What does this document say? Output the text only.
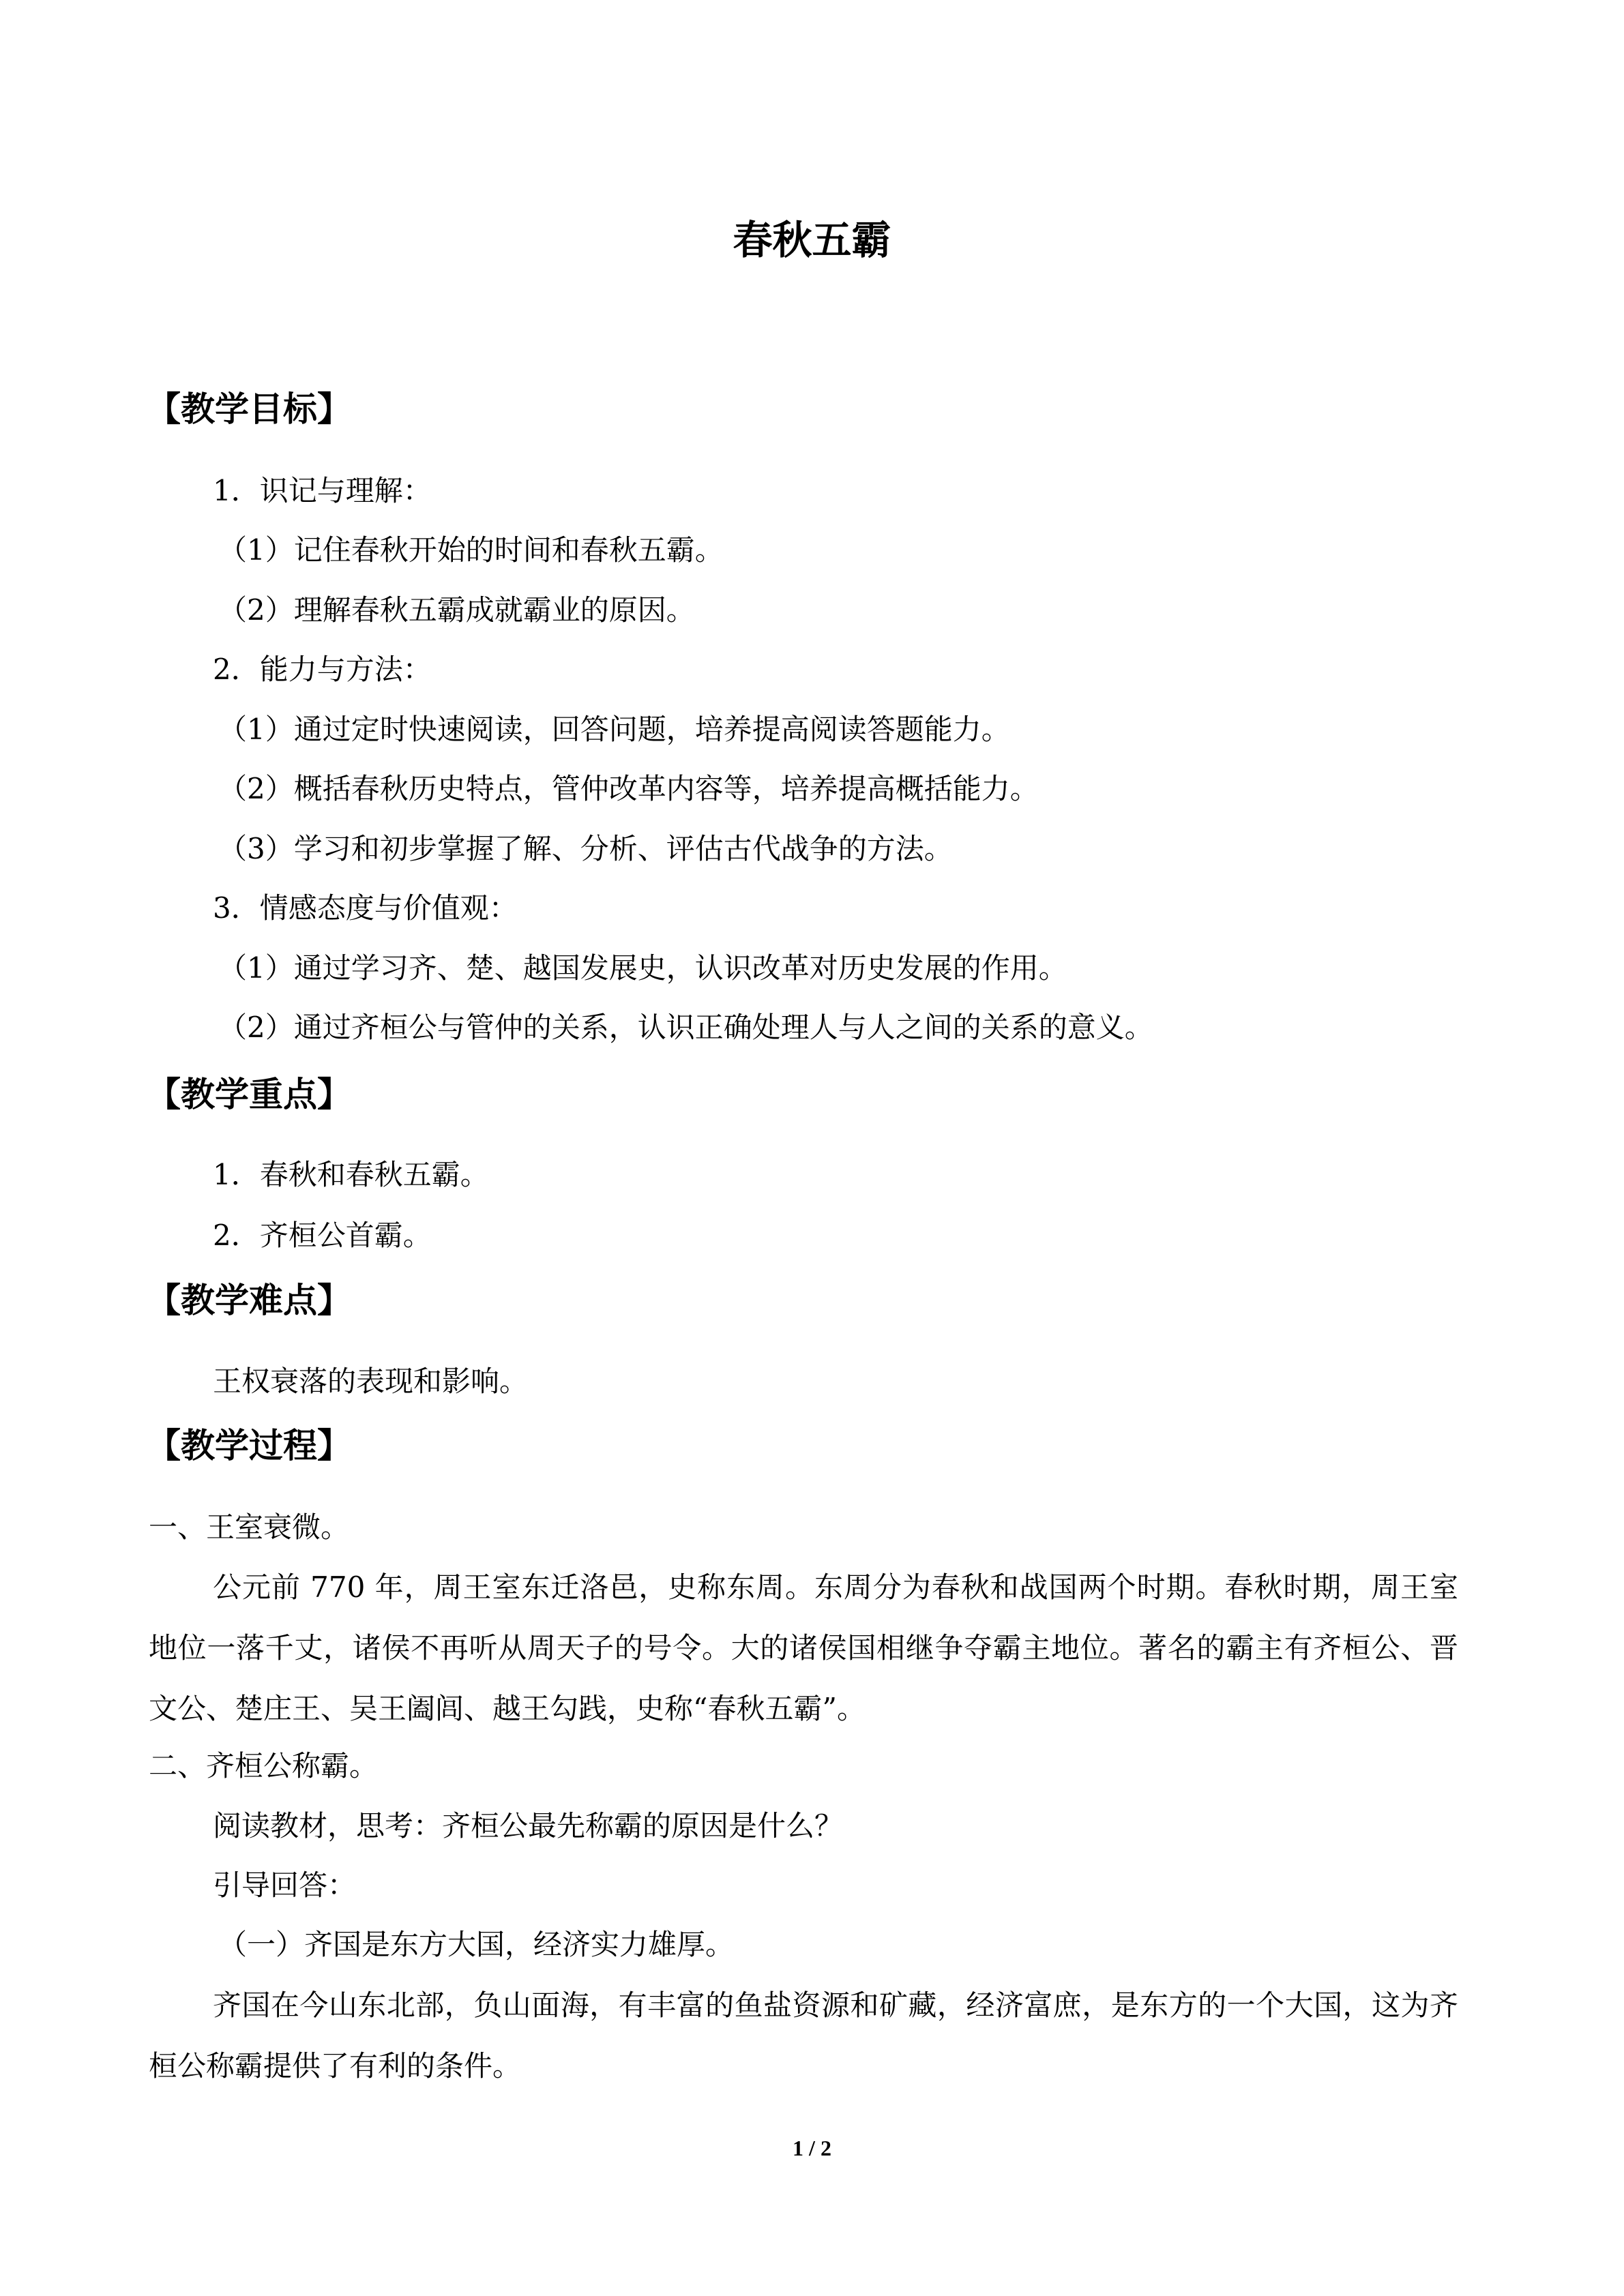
春秋五霸
【教学目标】
1．识记与理解：
（1）记住春秋开始的时间和春秋五霸。
（2）理解春秋五霸成就霸业的原因。
2．能力与方法：
（1）通过定时快速阅读，回答问题，培养提高阅读答题能力。
（2）概括春秋历史特点，管仲改革内容等，培养提高概括能力。
（3）学习和初步掌握了解、分析、评估古代战争的方法。
3．情感态度与价值观：
（1）通过学习齐、楚、越国发展史，认识改革对历史发展的作用。
（2）通过齐桓公与管仲的关系，认识正确处理人与人之间的关系的意义。
【教学重点】
1．春秋和春秋五霸。
2．齐桓公首霸。
【教学难点】
王权衰落的表现和影响。
【教学过程】
一、王室衰微。
公元前 770 年，周王室东迁洛邑，史称东周。东周分为春秋和战国两个时期。春秋时期，周王室地位一落千丈，诸侯不再听从周天子的号令。大的诸侯国相继争夺霸主地位。著名的霸主有齐桓公、晋文公、楚庄王、吴王阖闾、越王勾践，史称“春秋五霸”。
二、齐桓公称霸。
阅读教材，思考：齐桓公最先称霸的原因是什么？
引导回答：
（一）齐国是东方大国，经济实力雄厚。
齐国在今山东北部，负山面海，有丰富的鱼盐资源和矿藏，经济富庶，是东方的一个大国，这为齐桓公称霸提供了有利的条件。
1 / 2
